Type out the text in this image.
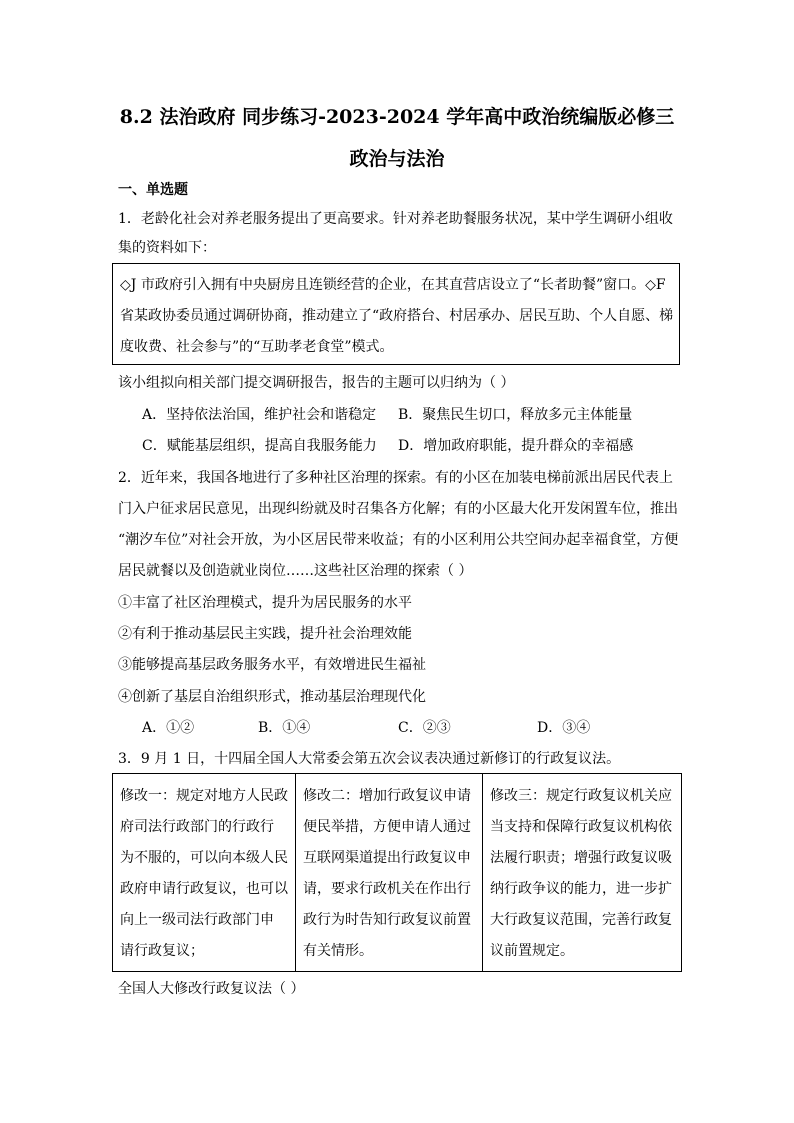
8.2 法治政府 同步练习-2023-2024 学年高中政治统编版必修三
政治与法治
一、单选题
1．老龄化社会对养老服务提出了更高要求。针对养老助餐服务状况，某中学生调研小组收
集的资料如下：
◇J 市政府引入拥有中央厨房且连锁经营的企业，在其直营店设立了“长者助餐”窗口。◇F
省某政协委员通过调研协商，推动建立了“政府搭台、村居承办、居民互助、个人自愿、梯
度收费、社会参与”的“互助孝老食堂”模式。
该小组拟向相关部门提交调研报告，报告的主题可以归纳为（ ）
A．坚持依法治国，维护社会和谐稳定 B．聚焦民生切口，释放多元主体能量
C．赋能基层组织，提高自我服务能力 D．增加政府职能，提升群众的幸福感
2．近年来，我国各地进行了多种社区治理的探索。有的小区在加装电梯前派出居民代表上
门入户征求居民意见，出现纠纷就及时召集各方化解；有的小区最大化开发闲置车位，推出
“潮汐车位”对社会开放，为小区居民带来收益；有的小区利用公共空间办起幸福食堂，方便
居民就餐以及创造就业岗位……这些社区治理的探索（ ）
①丰富了社区治理模式，提升为居民服务的水平
②有利于推动基层民主实践，提升社会治理效能
③能够提高基层政务服务水平，有效增进民生福祉
④创新了基层自治组织形式，推动基层治理现代化
A．①②	B．①④	C．②③	D．③④
3．9 月 1 日，十四届全国人大常委会第五次会议表决通过新修订的行政复议法。
修改一：规定对地方人民政
府司法行政部门的行政行
为不服的，可以向本级人民
政府申请行政复议，也可以
向上一级司法行政部门申
请行政复议；
修改二：增加行政复议申请
便民举措，方便申请人通过
互联网渠道提出行政复议申
请，要求行政机关在作出行
政行为时告知行政复议前置
有关情形。
修改三：规定行政复议机关应
当支持和保障行政复议机构依
法履行职责；增强行政复议吸
纳行政争议的能力，进一步扩
大行政复议范围，完善行政复
议前置规定。
全国人大修改行政复议法（ ）
